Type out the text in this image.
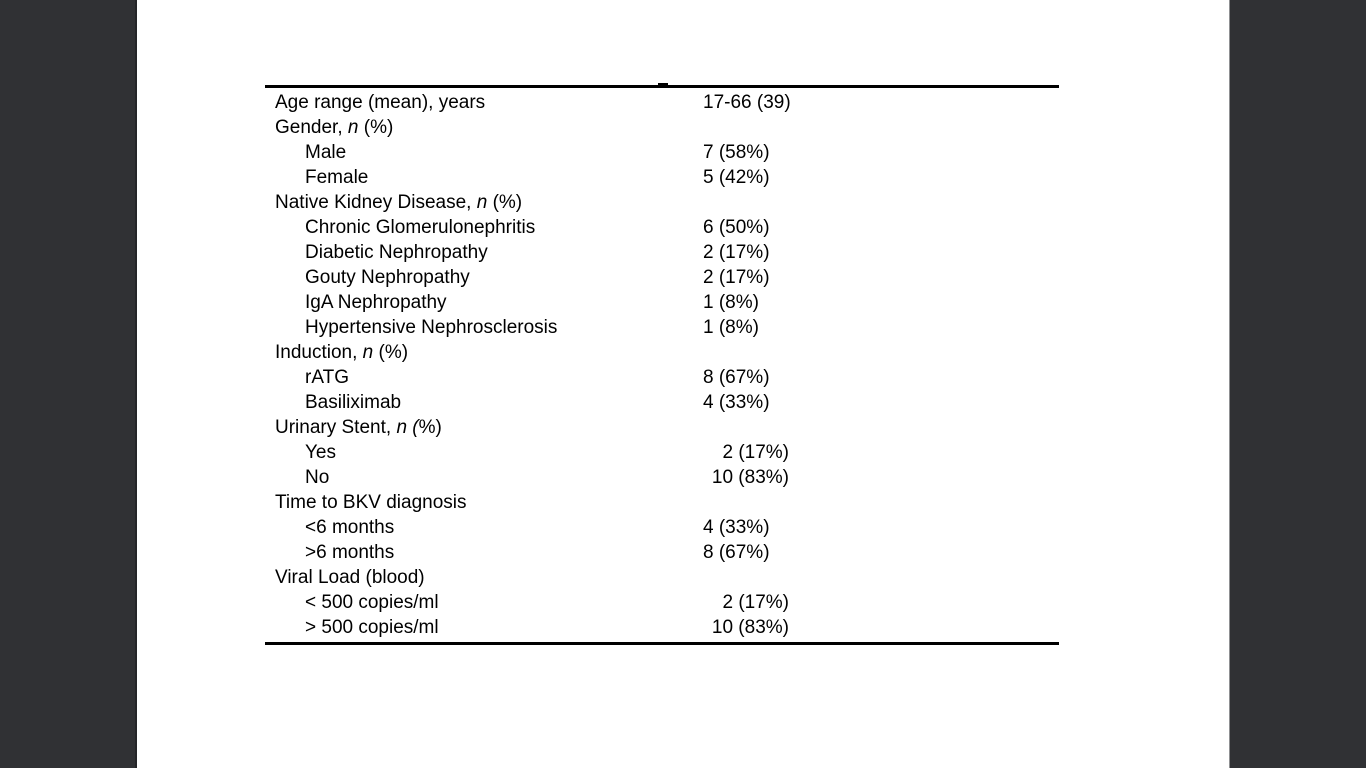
Age range (mean), years	17-66 (39)
Gender, n (%)
Male	7 (58%)
Female	5 (42%)
Native Kidney Disease, n (%)
Chronic Glomerulonephritis	6 (50%)
Diabetic Nephropathy	2 (17%)
Gouty Nephropathy	2 (17%)
IgA Nephropathy	1 (8%)
Hypertensive Nephrosclerosis	1 (8%)
Induction, n (%)
rATG	8 (67%)
Basiliximab	4 (33%)
Urinary Stent, n (%)
Yes	2 (17%)
No	10 (83%)
Time to BKV diagnosis
<6 months	4 (33%)
>6 months	8 (67%)
Viral Load (blood)
< 500 copies/ml	2 (17%)
> 500 copies/ml	10 (83%)
